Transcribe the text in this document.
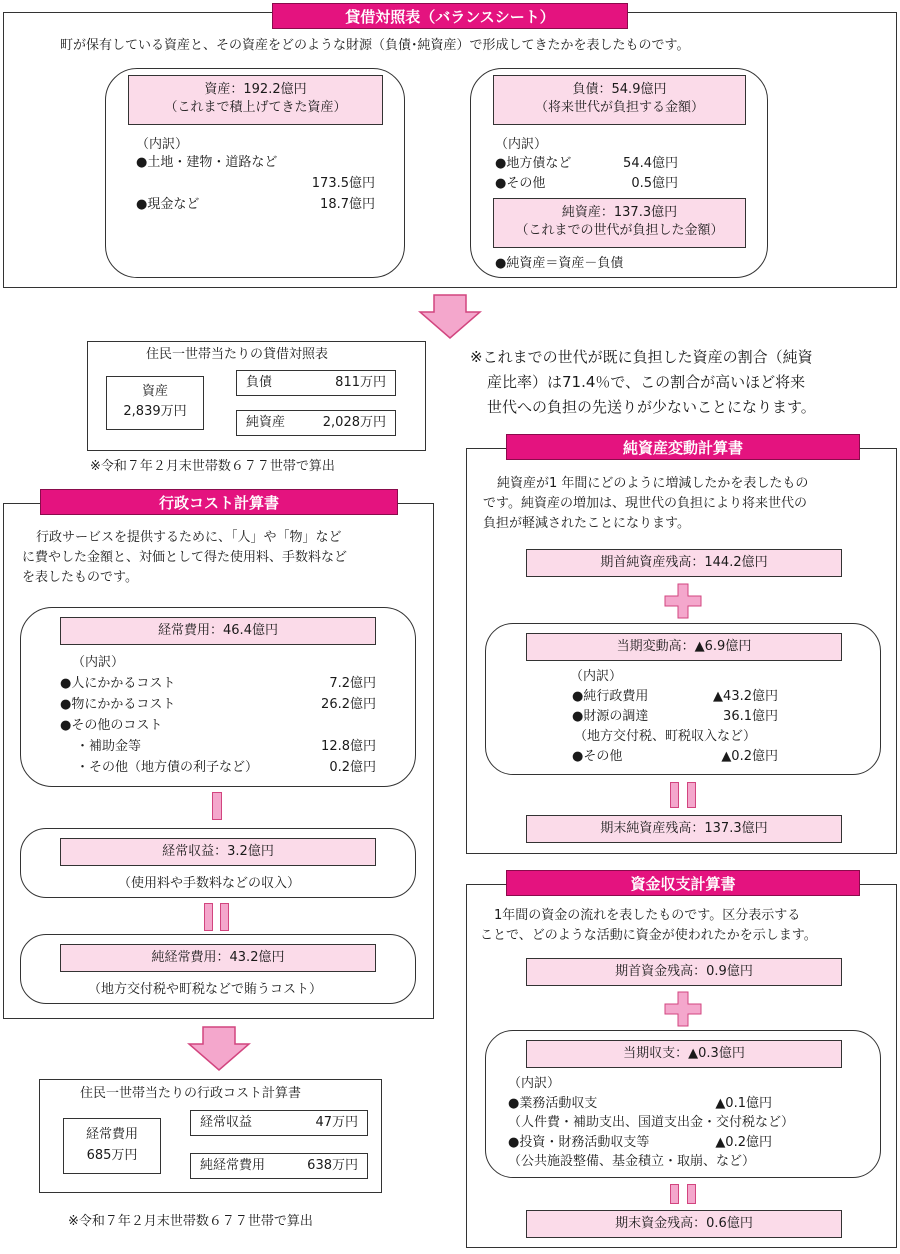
貸借対照表（バランスシート）
町が保有している資産と、その資産をどのような財源（負債･純資産）で形成してきたかを表したものです。
資産：192.2億円
（これまで積上げてきた資産）
（内訳）
●土地・建物・道路など
173.5億円
●現金など	18.7億円
負債：54.9億円
（将来世代が負担する金額）
（内訳）
●地方債など	54.4億円
●その他	0.5億円
純資産：137.3億円
（これまでの世代が負担した金額）
●純資産＝資産－負債
住民一世帯当たりの貸借対照表
資産
2,839万円
負債	811万円
純資産	2,028万円
※令和７年２月末世帯数６７７世帯で算出
※これまでの世代が既に負担した資産の割合（純資
産比率）は71.4％で、この割合が高いほど将来
世代への負担の先送りが少ないことになります。
行政コスト計算書
行政サービスを提供するために、「人」や「物」など
に費やした金額と、対価として得た使用料、手数料など
を表したものです。
経常費用：46.4億円
（内訳）
●人にかかるコスト	7.2億円
●物にかかるコスト	26.2億円
●その他のコスト
・補助金等	12.8億円
・その他（地方債の利子など）	0.2億円
経常収益：3.2億円
（使用料や手数料などの収入）
純経常費用：43.2億円
（地方交付税や町税などで賄うコスト）
住民一世帯当たりの行政コスト計算書
経常費用
685万円
経常収益	47万円
純経常費用	638万円
※令和７年２月末世帯数６７７世帯で算出
純資産変動計算書
純資産が1 年間にどのように増減したかを表したもの
です。純資産の増加は、現世代の負担により将来世代の
負担が軽減されたことになります。
期首純資産残高：144.2億円
当期変動高：▲6.9億円
（内訳）
●純行政費用	▲43.2億円
●財源の調達	36.1億円
（地方交付税、町税収入など）
●その他	▲0.2億円
期末純資産残高：137.3億円
資金収支計算書
1年間の資金の流れを表したものです。区分表示する
ことで、どのような活動に資金が使われたかを示します。
期首資金残高：0.9億円
当期収支：▲0.3億円
（内訳）
●業務活動収支	▲0.1億円
（人件費・補助支出、国道支出金・交付税など）
●投資・財務活動収支等	▲0.2億円
（公共施設整備、基金積立・取崩、など）
期末資金残高：0.6億円
